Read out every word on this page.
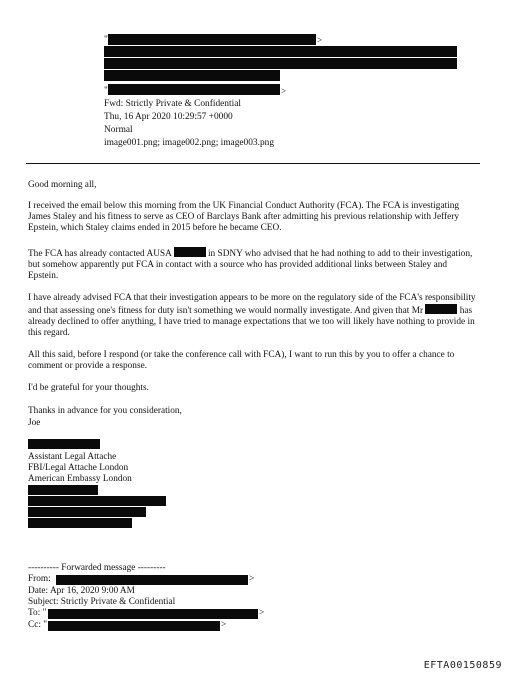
"	>
"	>
Fwd: Strictly Private & Confidential
Thu, 16 Apr 2020 10:29:57 +0000
Normal
image001.png; image002.png; image003.png

Good morning all,

I received the email below this morning from the UK Financial Conduct Authority (FCA). The FCA is investigating James Staley and his fitness to serve as CEO of Barclays Bank after admitting his previous relationship with Jeffery Epstein, which Staley claims ended in 2015 before he became CEO.

The FCA has already contacted AUSA	in SDNY who advised that he had nothing to add to their investigation, but somehow apparently put FCA in contact with a source who has provided additional links between Staley and Epstein.

I have already advised FCA that their investigation appears to be more on the regulatory side of the FCA's responsibility and that assessing one's fitness for duty isn't something we would normally investigate. And given that Mr	has already declined to offer anything, I have tried to manage expectations that we too will likely have nothing to provide in this regard.

All this said, before I respond (or take the conference call with FCA), I want to run this by you to offer a chance to comment or provide a response.

I'd be grateful for your thoughts.

Thanks in advance for you consideration,

Joe

Assistant Legal Attache
FBI/Legal Attache London
American Embassy London
---------- Forwarded message ---------
From:	>
Date: Apr 16, 2020 9:00 AM
Subject: Strictly Private & Confidential
To: "	>
Cc: "	>
EFTA00150859
